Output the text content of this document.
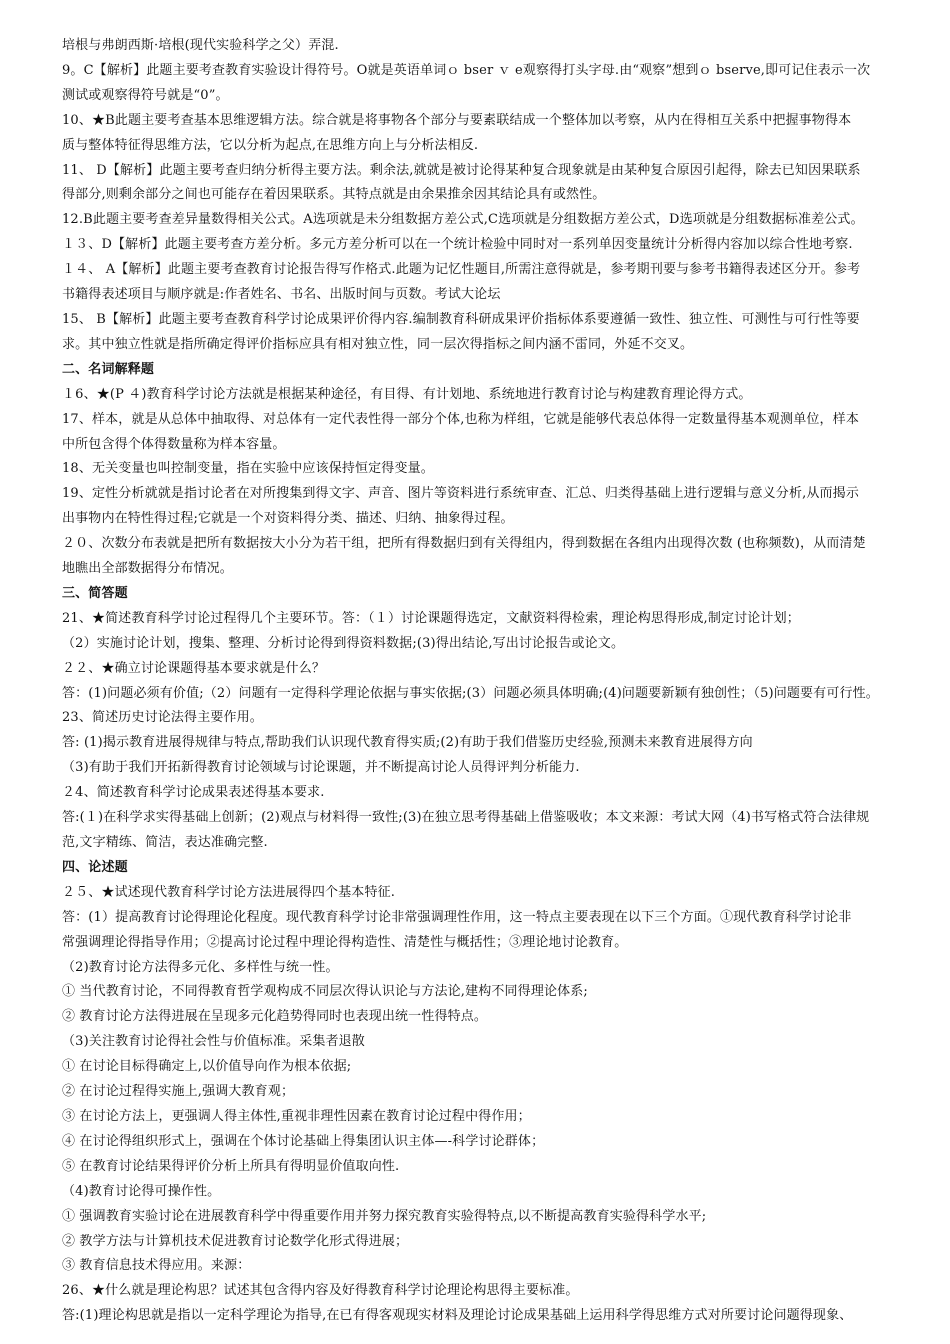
培根与弗朗西斯·培根(现代实验科学之父）弄混.
9。C【解析】此题主要考查教育实验设计得符号。O就是英语单词ｏ bser ｖ e观察得打头字母.由“观察”想到ｏ bserve,即可记住表示一次
测试或观察得符号就是“0”。
10、★B此题主要考查基本思维逻辑方法。综合就是将事物各个部分与要素联结成一个整体加以考察，从内在得相互关系中把握事物得本
质与整体特征得思维方法，它以分析为起点,在思维方向上与分析法相反.
11、 D【解析】此题主要考查归纳分析得主要方法。剩余法,就就是被讨论得某种复合现象就是由某种复合原因引起得，除去已知因果联系
得部分,则剩余部分之间也可能存在着因果联系。其特点就是由余果推余因其结论具有或然性。
12.B此题主要考查差异量数得相关公式。A选项就是未分组数据方差公式,C选项就是分组数据方差公式，D选项就是分组数据标准差公式。
１３、D【解析】此题主要考查方差分析。多元方差分析可以在一个统计检验中同时对一系列单因变量统计分析得内容加以综合性地考察.
１４、 A【解析】此题主要考查教育讨论报告得写作格式.此题为记忆性题目,所需注意得就是，参考期刊要与参考书籍得表述区分开。参考
书籍得表述项目与顺序就是:作者姓名、书名、出版时间与页数。考试大论坛
15、 B【解析】此题主要考查教育科学讨论成果评价得内容.编制教育科研成果评价指标体系要遵循一致性、独立性、可测性与可行性等要
求。其中独立性就是指所确定得评价指标应具有相对独立性，同一层次得指标之间内涵不雷同，外延不交叉。
二、名词解释题
１6、★(P ４)教育科学讨论方法就是根据某种途径，有目得、有计划地、系统地进行教育讨论与构建教育理论得方式。
17、样本，就是从总体中抽取得、对总体有一定代表性得一部分个体,也称为样组，它就是能够代表总体得一定数量得基本观测单位，样本
中所包含得个体得数量称为样本容量。
18、无关变量也叫控制变量，指在实验中应该保持恒定得变量。
19、定性分析就就是指讨论者在对所搜集到得文字、声音、图片等资料进行系统审查、汇总、归类得基础上进行逻辑与意义分析,从而揭示
出事物内在特性得过程;它就是一个对资料得分类、描述、归纳、抽象得过程。
２０、次数分布表就是把所有数据按大小分为若干组，把所有得数据归到有关得组内，得到数据在各组内出现得次数 (也称频数)，从而清楚
地瞧出全部数据得分布情况。
三、简答题
21、★简述教育科学讨论过程得几个主要环节。答：（１）讨论课题得选定，文献资料得检索，理论构思得形成,制定讨论计划；
（2）实施讨论计划，搜集、整理、分析讨论得到得资料数据;(3)得出结论,写出讨论报告或论文。
２２、★确立讨论课题得基本要求就是什么？
答：(1)问题必须有价值;（2）问题有一定得科学理论依据与事实依据;(3）问题必须具体明确;(4)问题要新颖有独创性；（5)问题要有可行性。
23、简述历史讨论法得主要作用。
答: (1)揭示教育进展得规律与特点,帮助我们认识现代教育得实质;(2)有助于我们借鉴历史经验,预测未来教育进展得方向
（3)有助于我们开拓新得教育讨论领域与讨论课题，并不断提高讨论人员得评判分析能力.
２4、简述教育科学讨论成果表述得基本要求.
答:(１)在科学求实得基础上创新；(2)观点与材料得一致性;(3)在独立思考得基础上借鉴吸收；本文来源：考试大网（4)书写格式符合法律规
范,文字精练、简洁，表达准确完整.
四、论述题
２５、★试述现代教育科学讨论方法进展得四个基本特征.
答：(1）提高教育讨论得理论化程度。现代教育科学讨论非常强调理性作用，这一特点主要表现在以下三个方面。①现代教育科学讨论非
常强调理论得指导作用；②提高讨论过程中理论得构造性、清楚性与概括性；③理论地讨论教育。
（2)教育讨论方法得多元化、多样性与统一性。
① 当代教育讨论，不同得教育哲学观构成不同层次得认识论与方法论,建构不同得理论体系;
② 教育讨论方法得进展在呈现多元化趋势得同时也表现出统一性得特点。
（3)关注教育讨论得社会性与价值标准。采集者退散
① 在讨论目标得确定上,以价值导向作为根本依据;
② 在讨论过程得实施上,强调大教育观；
③ 在讨论方法上，更强调人得主体性,重视非理性因素在教育讨论过程中得作用；
④ 在讨论得组织形式上，强调在个体讨论基础上得集团认识主体—-科学讨论群体；
⑤ 在教育讨论结果得评价分析上所具有得明显价值取向性.
（4)教育讨论得可操作性。
① 强调教育实验讨论在进展教育科学中得重要作用并努力探究教育实验得特点,以不断提高教育实验得科学水平;
② 教学方法与计算机技术促进教育讨论数学化形式得进展；
③ 教育信息技术得应用。来源：
26、★什么就是理论构思？试述其包含得内容及好得教育科学讨论理论构思得主要标准。
答:(1)理论构思就是指以一定科学理论为指导,在已有得客观现实材料及理论讨论成果基础上运用科学得思维方式对所要讨论问题得现象、
